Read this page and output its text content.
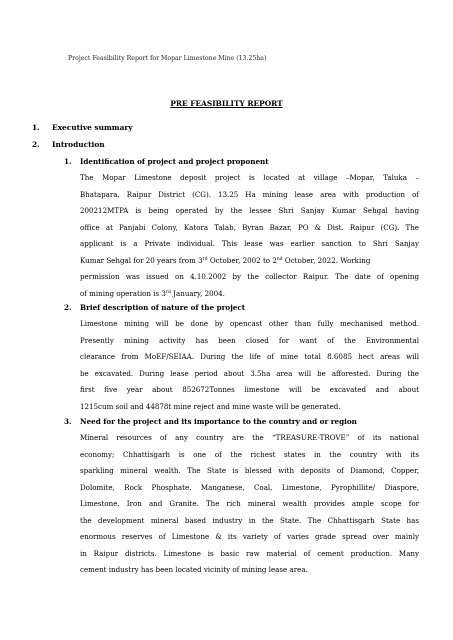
Project Feasibility Report for Mopar Limestone Mine (13.25ha)
PRE FEASIBILITY REPORT
1. Executive summary
2. Introduction
1. Identification of project and project proponent
The Mopar Limestone deposit project is located at village –Mopar, Taluka –
Bhatapara, Raipur District (CG). 13.25 Ha mining lease area with production of
200212MTPA is being operated by the lessee Shri Sanjay Kumar Sehgal having
office at Panjabi Colony, Katora Talab, Byran Bazar, PO & Dist. Raipur (CG). The
applicant is a Private individual. This lease was earlier sanction to Shri Sanjay
Kumar Sehgal for 20 years from 3rd October, 2002 to 2nd October, 2022. Working
permission was issued on 4.10.2002 by the collector Raipur. The date of opening
of mining operation is 3rd January, 2004.
2. Brief description of nature of the project
Limestone mining will be done by opencast other than fully mechanised method.
Presently mining activity has been closed for want of the Environmental
clearance from MoEF/SEIAA. During the life of mine total 8.6085 hect areas will
be excavated. During lease period about 3.5ha area will be afforested. During the
first five year about 852672Tonnes limestone will be excavated and about
1215cum soil and 44878t mine reject and mine waste will be generated.
3. Need for the project and its importance to the country and or region
Mineral resources of any country are the “TREASURE-TROVE” of its national
economy; Chhattisgarh is one of the richest states in the country with its
sparkling mineral wealth. The State is blessed with deposits of Diamond, Copper,
Dolomite, Rock Phosphate, Manganese, Coal, Limestone, Pyrophillite/ Diaspore,
Limestone, Iron and Granite. The rich mineral wealth provides ample scope for
the development mineral based industry in the State. The Chhattisgarh State has
enormous reserves of Limestone & its variety of varies grade spread over mainly
in Raipur districts. Limestone is basic raw material of cement production. Many
cement industry has been located vicinity of mining lease area.
